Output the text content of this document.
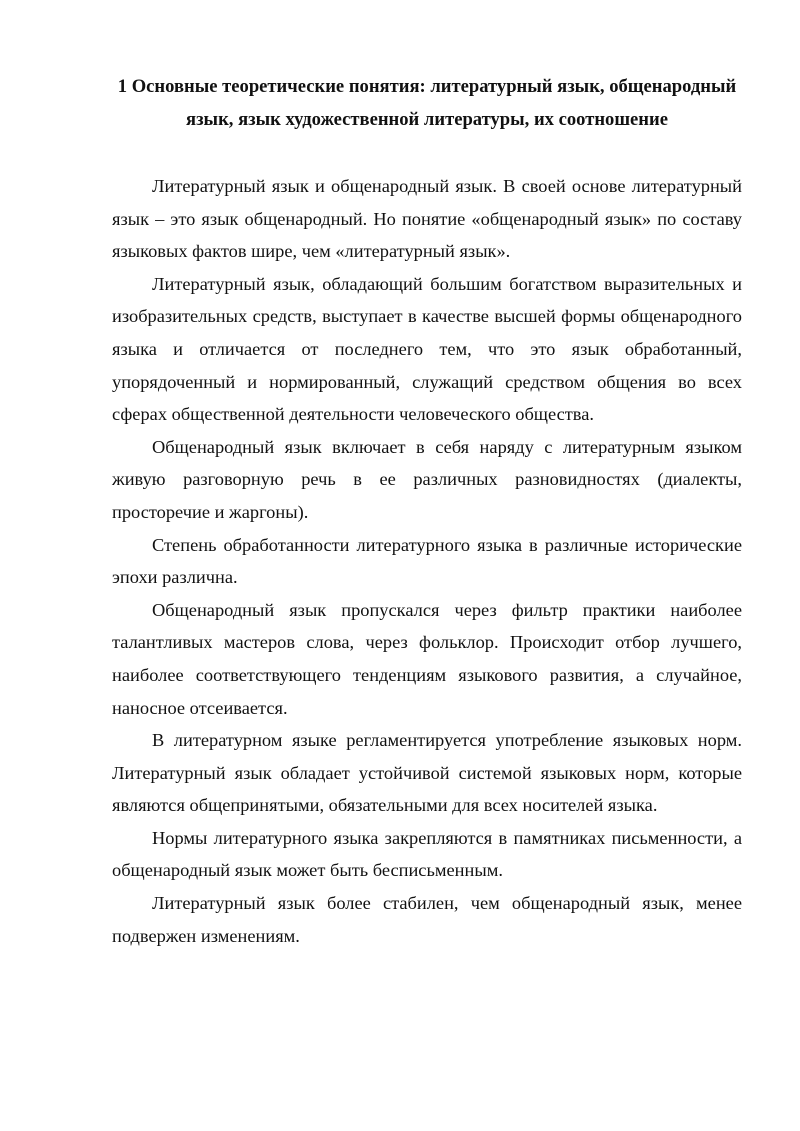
1 Основные теоретические понятия: литературный язык, общенародный язык, язык художественной литературы, их соотношение

Литературный язык и общенародный язык. В своей основе литературный язык – это язык общенародный. Но понятие «общенародный язык» по составу языковых фактов шире, чем «литературный язык».

Литературный язык, обладающий большим богатством выразительных и изобразительных средств, выступает в качестве высшей формы общенародного языка и отличается от последнего тем, что это язык обработанный, упорядоченный и нормированный, служащий средством общения во всех сферах общественной деятельности человеческого общества.

Общенародный язык включает в себя наряду с литературным языком живую разговорную речь в ее различных разновидностях (диалекты, просторечие и жаргоны).

Степень обработанности литературного языка в различные исторические эпохи различна.

Общенародный язык пропускался через фильтр практики наиболее талантливых мастеров слова, через фольклор. Происходит отбор лучшего, наиболее соответствующего тенденциям языкового развития, а случайное, наносное отсеивается.

В литературном языке регламентируется употребление языковых норм. Литературный язык обладает устойчивой системой языковых норм, которые являются общепринятыми, обязательными для всех носителей языка.

Нормы литературного языка закрепляются в памятниках письменности, а общенародный язык может быть бесписьменным.

Литературный язык более стабилен, чем общенародный язык, менее подвержен изменениям.
